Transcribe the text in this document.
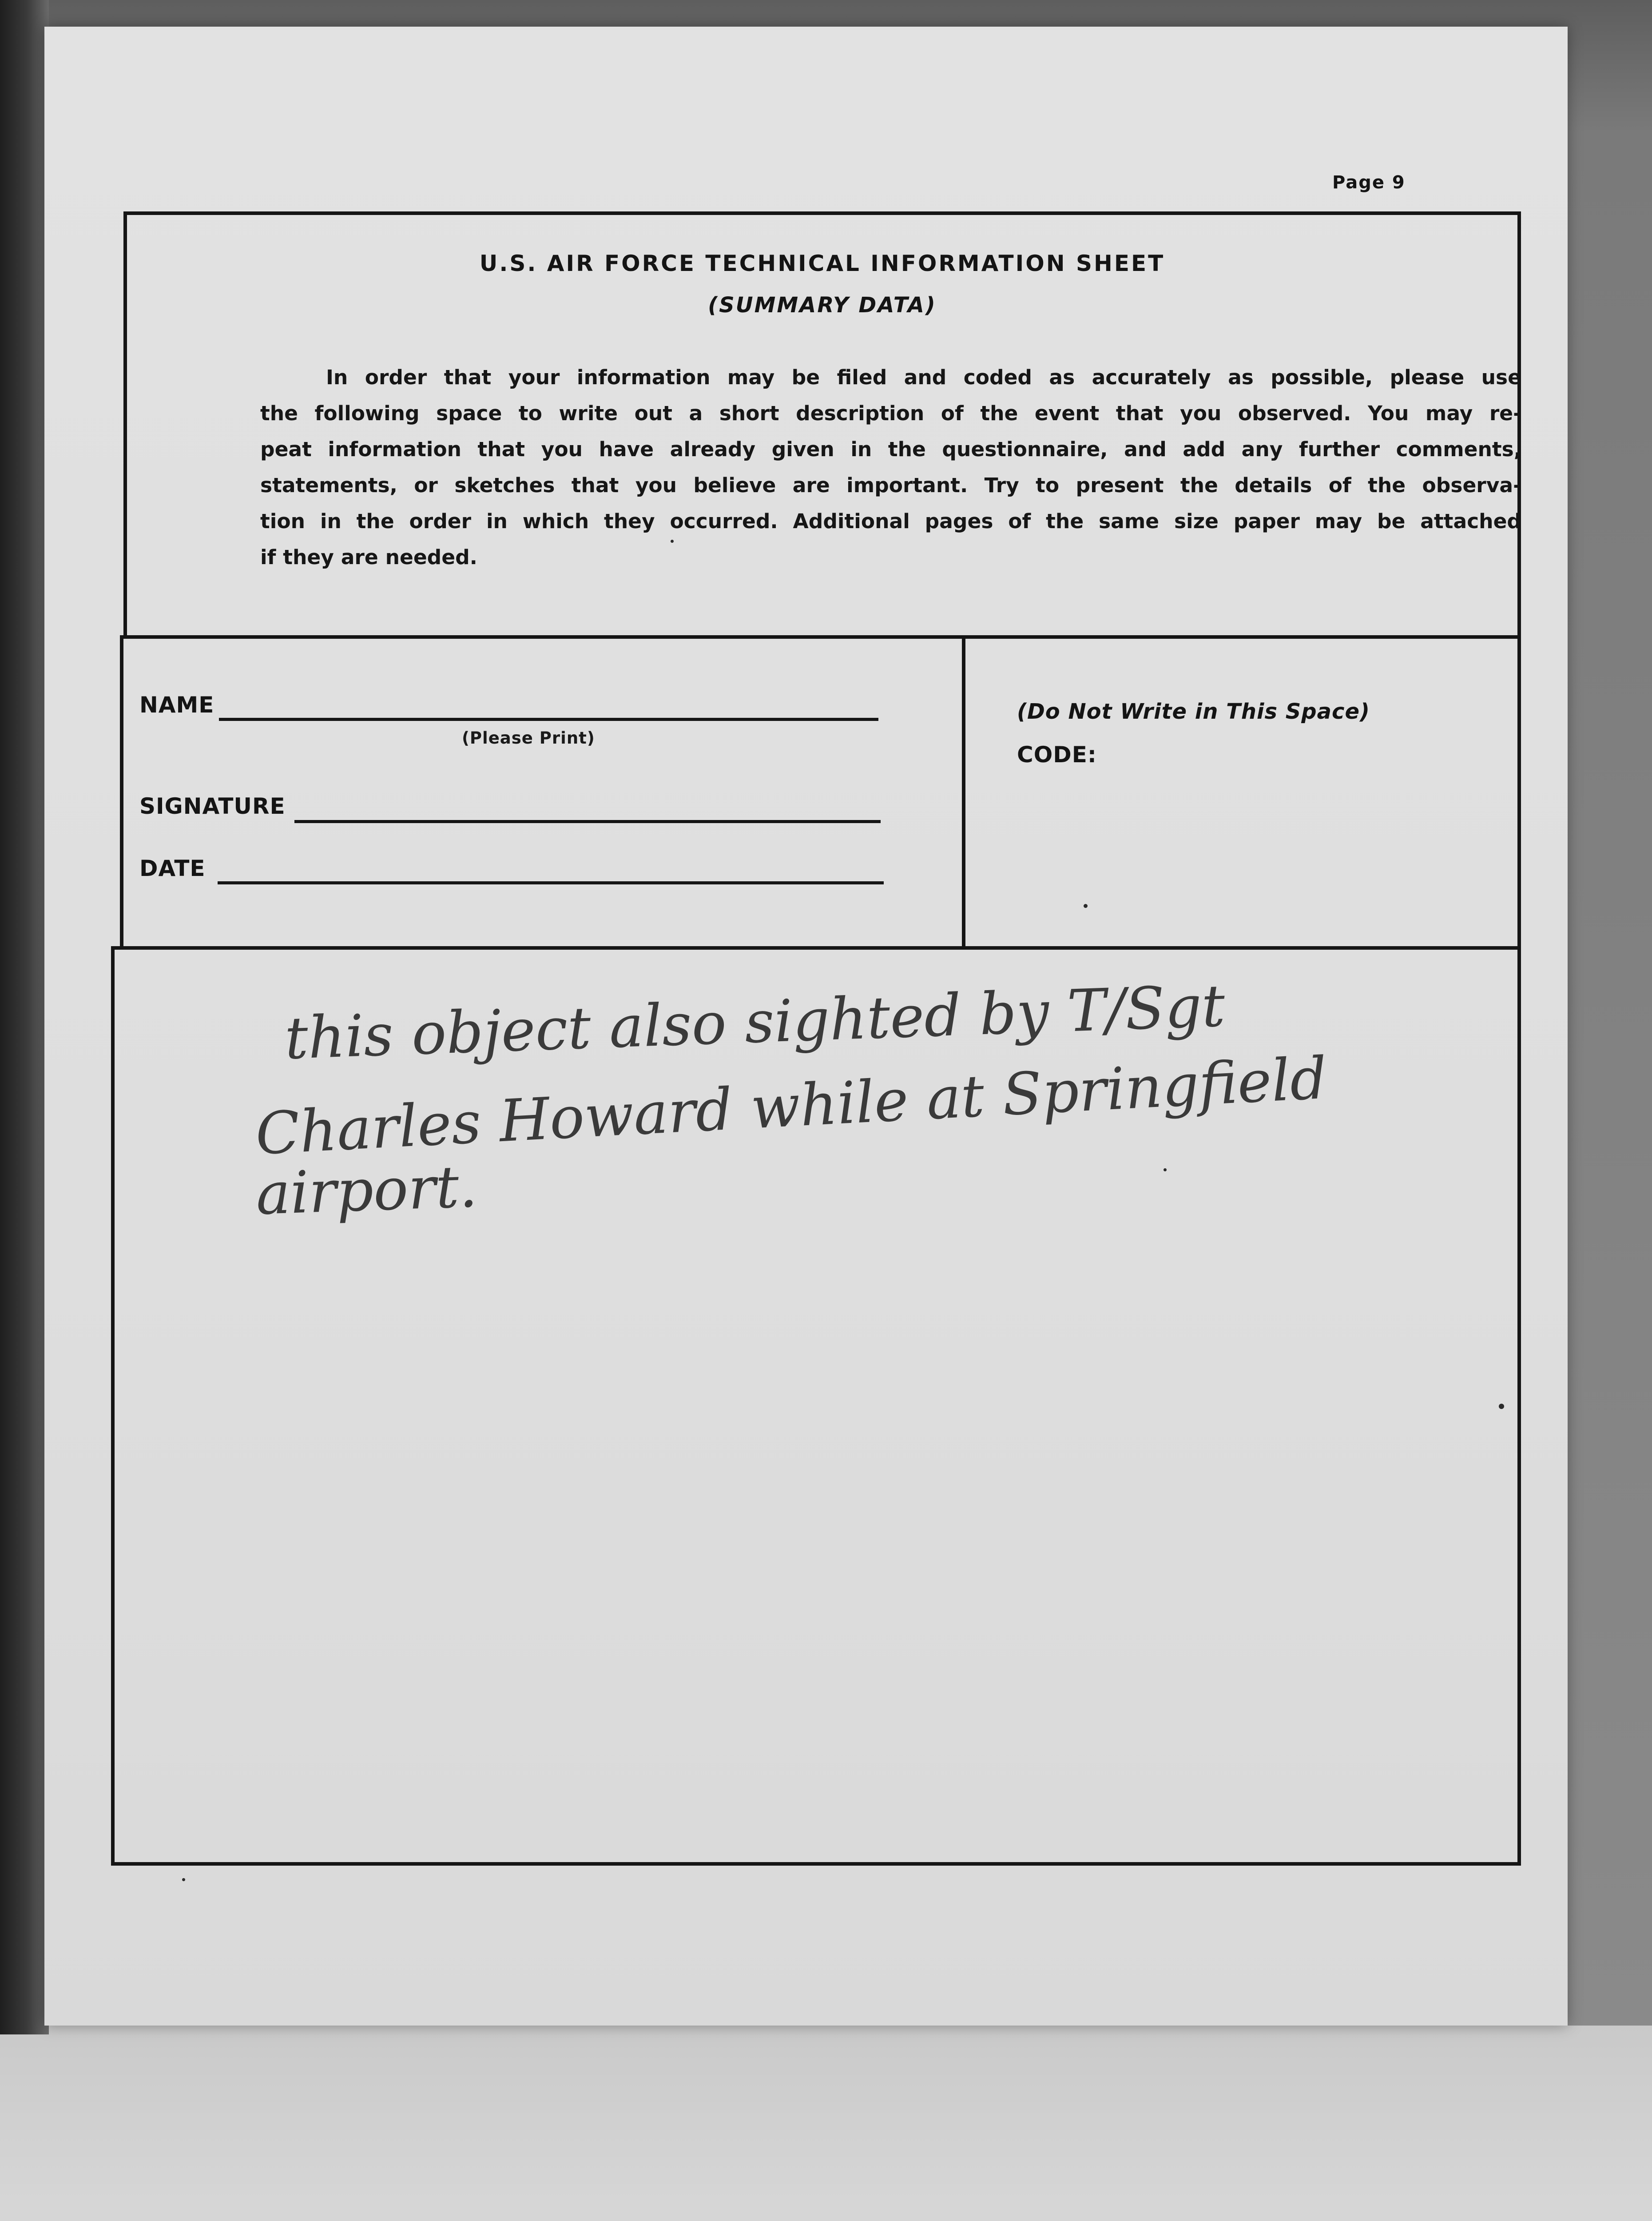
Page 9
U.S. AIR FORCE TECHNICAL INFORMATION SHEET
(SUMMARY DATA)
In order that your information may be filed and coded as accurately as possible, please use
the following space to write out a short description of the event that you observed. You may re-
peat information that you have already given in the questionnaire, and add any further comments,
statements, or sketches that you believe are important. Try to present the details of the observa-
tion in the order in which they occurred. Additional pages of the same size paper may be attached
if they are needed.
NAME
(Please Print)
SIGNATURE
DATE
(Do Not Write in This Space)
CODE:
this object also sighted by T/Sgt
Charles Howard while at Springfield
airport.
